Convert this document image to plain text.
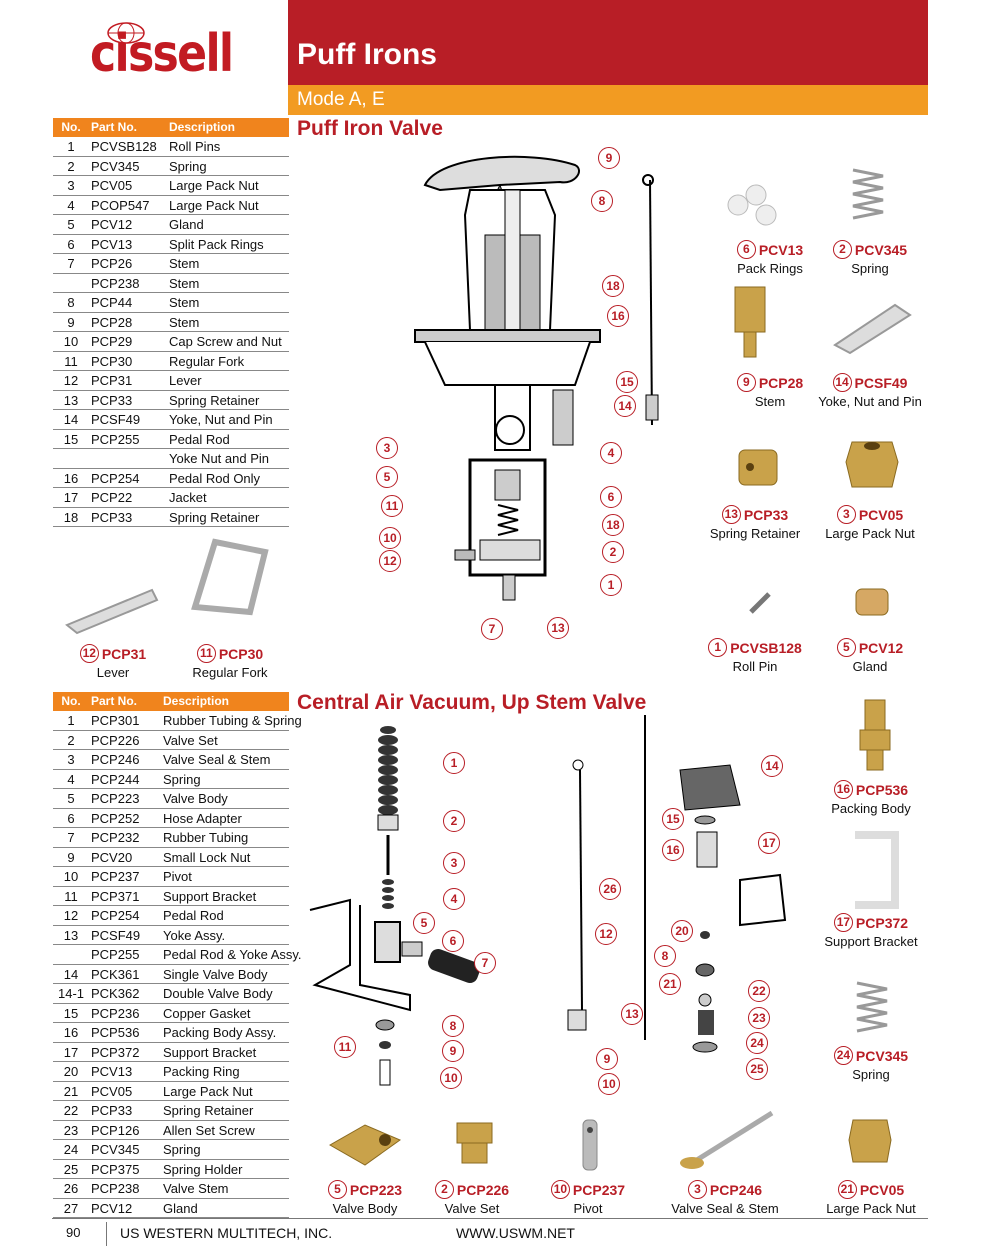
cissell Puff Irons
Mode A, E
No. Part No.	Description
1	PCVSB128 Roll Pins
2	PCV345 Spring
3	PCV05	Large Pack Nut
4	PCOP547 Large Pack Nut
5	PCV12	Gland
6	PCV13	Split Pack Rings
7	PCP26	Stem
PCP238 Stem
8	PCP44	Stem
9	PCP28	Stem
10 PCP29	Cap Screw and Nut
11	PCP30	Regular Fork
12 PCP31	Lever
13 PCP33	Spring Retainer
14 PCSF49 Yoke, Nut and Pin
15 PCP255 Pedal Rod
Yoke Nut and Pin
16 PCP254 Pedal Rod Only
17 PCP22	Jacket
18 PCP33	Spring Retainer
No. Part No. Description
1	PCP301 Rubber Tubing & Spring
2	PCP226 Valve Set
3	PCP246 Valve Seal & Stem
4	PCP244 Spring
5	PCP223 Valve Body
6	PCP252 Hose Adapter
7	PCP232 Rubber Tubing
9	PCV20 Small Lock Nut
10 PCP237 Pivot
11	PCP371 Support Bracket
12 PCP254 Pedal Rod
13 PCSF49 Yoke Assy.
PCP255 Pedal Rod & Yoke Assy.
14 PCK361 Single Valve Body
14-1 PCK362 Double Valve Body
15 PCP236 Copper Gasket
16 PCP536 Packing Body Assy.
17 PCP372 Support Bracket
20 PCV13 Packing Ring
21 PCV05 Large Pack Nut
22 PCP33 Spring Retainer
23 PCP126 Allen Set Screw
24 PCV345 Spring
25 PCP375 Spring Holder
26 PCP238 Valve Stem
27 PCV12 Gland
Puff Iron Valve
Central Air Vacuum, Up Stem Valve
90	US WESTERN MULTITECH, INC.	WWW.USWM.NET
6 PCV13
Pack Rings
2 PCV345
Spring
9 PCP28
Stem
14 PCSF49
Yoke, Nut and Pin
13 PCP33
Spring Retainer
3 PCV05
Large Pack Nut
1 PCVSB128
Roll Pin
5 PCV12
Gland
12 PCP31
Lever
11 PCP30
Regular Fork
16 PCP536
Packing Body
17 PCP372
Support Bracket
24 PCV345
Spring
5 PCP223
Valve Body
2 PCP226
Valve Set
10 PCP237
Pivot
3 PCP246
Valve Seal & Stem
21 PCV05
Large Pack Nut
9
8
18
16
15
14
3	4
5
6
11
18
10
2
12
1
7	13
1
2
3
4
5
6
7
8
9
10
11
12
13
9
10
26
14
15
16	17
20
8
21	22
23
24
25
